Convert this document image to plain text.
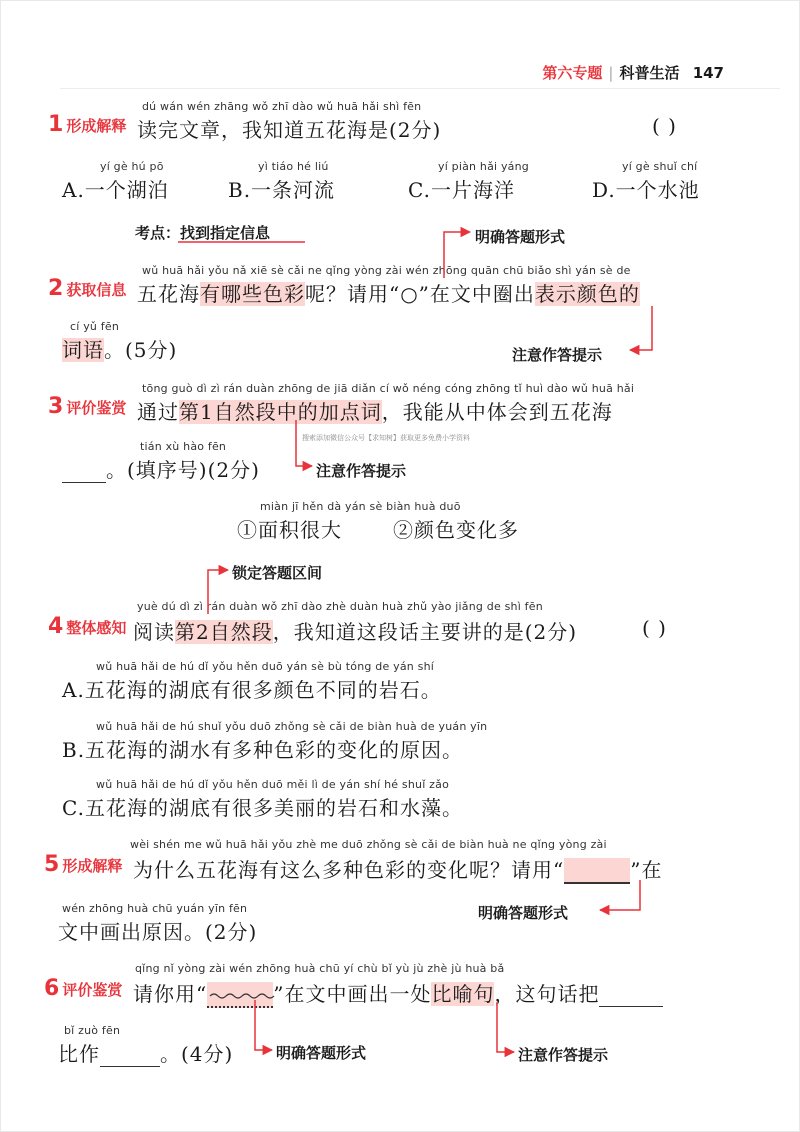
第六专题 | 科普生活 147
dú wán wén zhāng wǒ zhī dào wǔ huā hǎi shì fēn
1 形成解释 读完文章，我知道五花海是(2分)	( )
yí gè hú pō
A.一个湖泊
yì tiáo hé liú
B.一条河流
yí piàn hǎi yáng
C.一片海洋
yí gè shuǐ chí
D.一个水池
考点：找到指定信息	明确答题形式
wǔ huā hǎi yǒu nǎ xiē sè cǎi ne qǐng yòng zài wén zhōng quān chū biǎo shì yán sè de
2 获取信息 五花海有哪些色彩呢？请用“○”在文中圈出表示颜色的
cí yǔ fēn
词语。(5分)	注意作答提示
tōng guò dì zì rán duàn zhōng de jiā diǎn cí wǒ néng cóng zhōng tǐ huì dào wǔ huā hǎi
3 评价鉴赏 通过第1自然段中的加点词，我能从中体会到五花海
搜索添加微信公众号【求知树】获取更多免费小学资料
tián xù hào fēn
。(填序号)(2分)	注意作答提示
miàn jī hěn dà yán sè biàn huà duō
①面积很大	②颜色变化多
锁定答题区间
yuè dú dì zì rán duàn wǒ zhī dào zhè duàn huà zhǔ yào jiǎng de shì fēn
4 整体感知 阅读第2自然段，我知道这段话主要讲的是(2分)	( )
wǔ huā hǎi de hú dǐ yǒu hěn duō yán sè bù tóng de yán shí
A.五花海的湖底有很多颜色不同的岩石。
wǔ huā hǎi de hú shuǐ yǒu duō zhǒng sè cǎi de biàn huà de yuán yīn
B.五花海的湖水有多种色彩的变化的原因。
wǔ huā hǎi de hú dǐ yǒu hěn duō měi lì de yán shí hé shuǐ zǎo
C.五花海的湖底有很多美丽的岩石和水藻。
wèi shén me wǔ huā hǎi yǒu zhè me duō zhǒng sè cǎi de biàn huà ne qǐng yòng zài
5 形成解释 为什么五花海有这么多种色彩的变化呢？请用“	”在
wén zhōng huà chū yuán yīn fēn
文中画出原因。(2分)
明确答题形式
qǐng nǐ yòng zài wén zhōng huà chū yí chù bǐ yù jù zhè jù huà bǎ
6 评价鉴赏 请你用“	”在文中画出一处比喻句，这句话把
bǐ zuò fēn
比作	。(4分)	明确答题形式	注意作答提示
